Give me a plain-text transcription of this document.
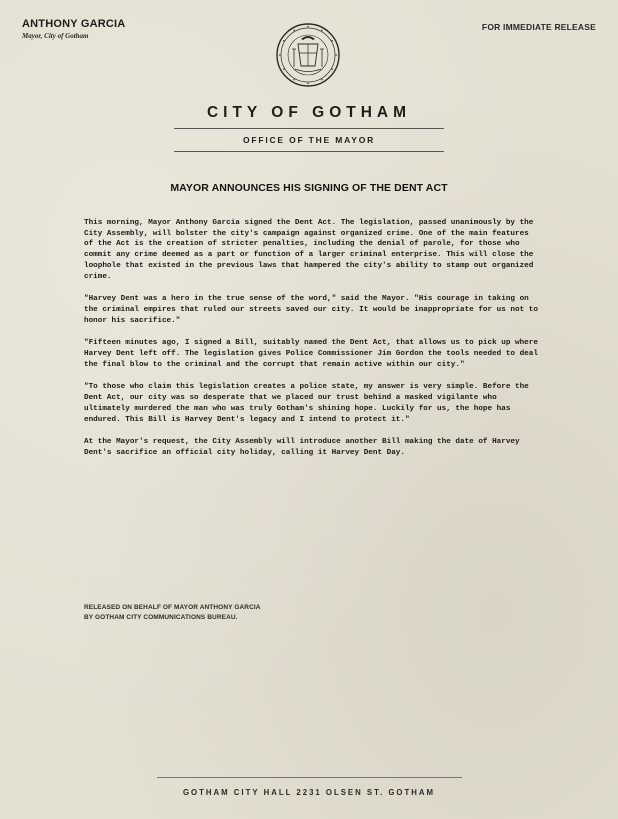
ANTHONY GARCIA
Mayor, City of Gotham
FOR IMMEDIATE RELEASE
CITY OF GOTHAM
OFFICE OF THE MAYOR
MAYOR ANNOUNCES HIS SIGNING OF THE DENT ACT

This morning, Mayor Anthony Garcia signed the Dent Act. The legislation, passed unanimously by the City Assembly, will bolster the city's campaign against organized crime. One of the main features of the Act is the creation of stricter penalties, including the denial of parole, for those who commit any crime deemed as a part or function of a larger criminal enterprise. This will close the loophole that existed in the previous laws that hampered the city's ability to stamp out organized crime.

"Harvey Dent was a hero in the true sense of the word," said the Mayor. "His courage in taking on the criminal empires that ruled our streets saved our city. It would be inappropriate for us not to honor his sacrifice."

"Fifteen minutes ago, I signed a Bill, suitably named the Dent Act, that allows us to pick up where Harvey Dent left off. The legislation gives Police Commissioner Jim Gordon the tools needed to deal the final blow to the criminal and the corrupt that remain active within our city."

"To those who claim this legislation creates a police state, my answer is very simple. Before the Dent Act, our city was so desperate that we placed our trust behind a masked vigilante who ultimately murdered the man who was truly Gotham's shining hope. Luckily for us, the hope has endured. This Bill is Harvey Dent's legacy and I intend to protect it."

At the Mayor's request, the City Assembly will introduce another Bill making the date of Harvey Dent's sacrifice an official city holiday, calling it Harvey Dent Day.

RELEASED ON BEHALF OF MAYOR ANTHONY GARCIA
BY GOTHAM CITY COMMUNICATIONS BUREAU.
GOTHAM CITY HALL 2231 OLSEN ST. GOTHAM
